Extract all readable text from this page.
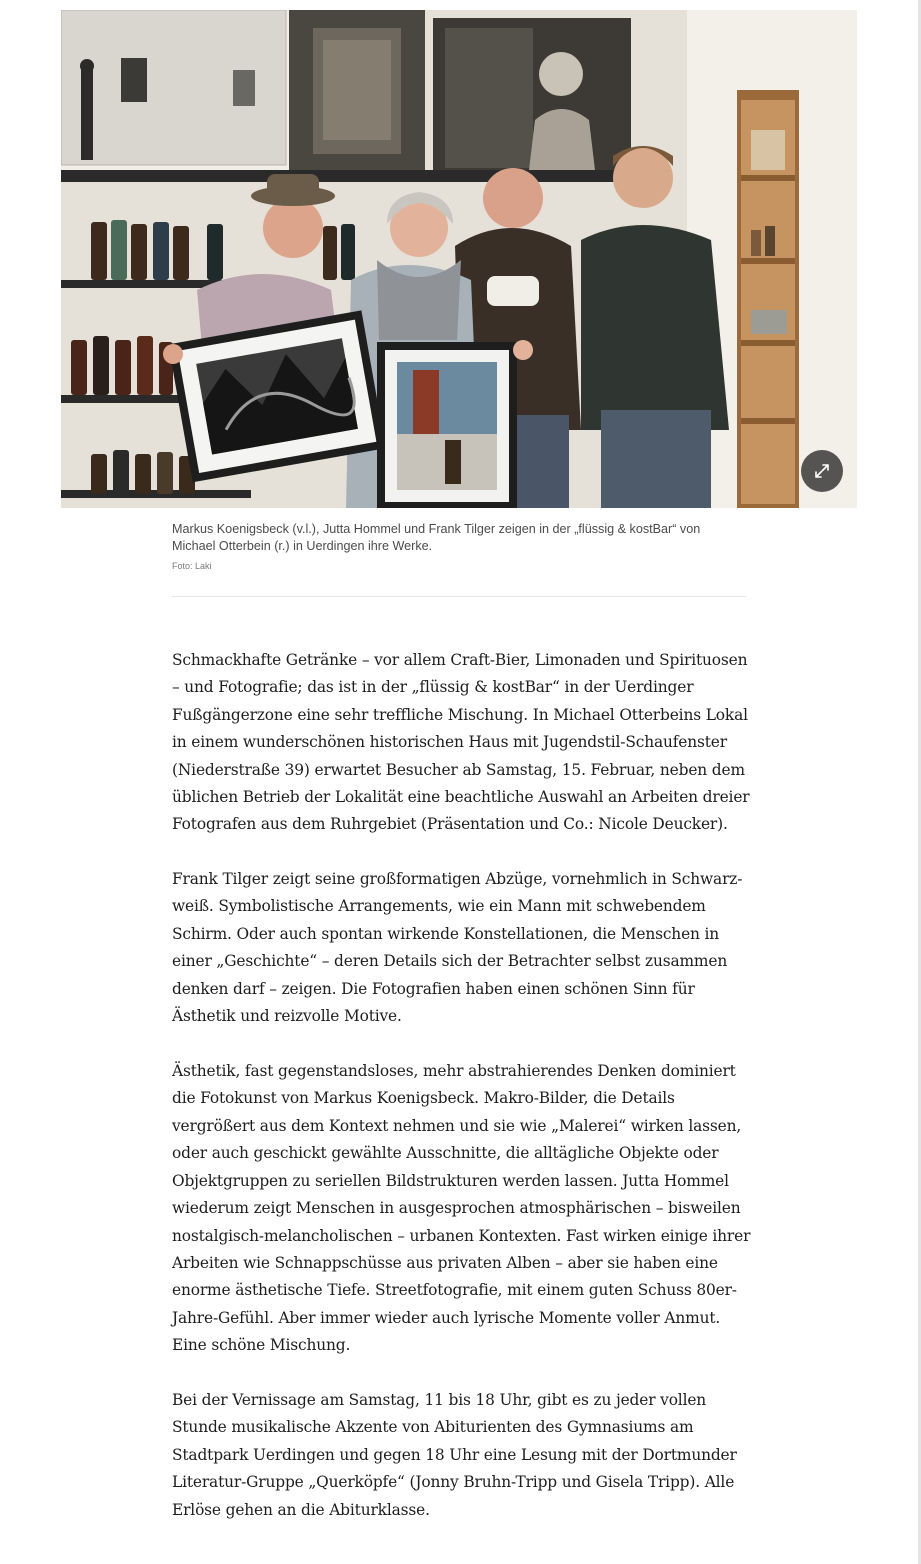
Markus Koenigsbeck (v.l.), Jutta Hommel und Frank Tilger zeigen in der „flüssig & kostBar“ von Michael Otterbein (r.) in Uerdingen ihre Werke.

Foto: Laki

Schmackhafte Getränke – vor allem Craft-Bier, Limonaden und Spirituosen – und Fotografie; das ist in der „flüssig & kostBar“ in der Uerdinger Fußgängerzone eine sehr treffliche Mischung. In Michael Otterbeins Lokal in einem wunderschönen historischen Haus mit Jugendstil-Schaufenster (Niederstraße 39) erwartet Besucher ab Samstag, 15. Februar, neben dem üblichen Betrieb der Lokalität eine beachtliche Auswahl an Arbeiten dreier Fotografen aus dem Ruhrgebiet (Präsentation und Co.: Nicole Deucker).

Frank Tilger zeigt seine großformatigen Abzüge, vornehmlich in Schwarz-weiß. Symbolistische Arrangements, wie ein Mann mit schwebendem Schirm. Oder auch spontan wirkende Konstellationen, die Menschen in einer „Geschichte“ – deren Details sich der Betrachter selbst zusammen denken darf – zeigen. Die Fotografien haben einen schönen Sinn für Ästhetik und reizvolle Motive.

Ästhetik, fast gegenstandsloses, mehr abstrahierendes Denken dominiert die Fotokunst von Markus Koenigsbeck. Makro-Bilder, die Details vergrößert aus dem Kontext nehmen und sie wie „Malerei“ wirken lassen, oder auch geschickt gewählte Ausschnitte, die alltägliche Objekte oder Objektgruppen zu seriellen Bildstrukturen werden lassen. Jutta Hommel wiederum zeigt Menschen in ausgesprochen atmosphärischen – bisweilen nostalgisch-melancholischen – urbanen Kontexten. Fast wirken einige ihrer Arbeiten wie Schnappschüsse aus privaten Alben – aber sie haben eine enorme ästhetische Tiefe. Streetfotografie, mit einem guten Schuss 80er-Jahre-Gefühl. Aber immer wieder auch lyrische Momente voller Anmut. Eine schöne Mischung.

Bei der Vernissage am Samstag, 11 bis 18 Uhr, gibt es zu jeder vollen Stunde musikalische Akzente von Abiturienten des Gymnasiums am Stadtpark Uerdingen und gegen 18 Uhr eine Lesung mit der Dortmunder Literatur-Gruppe „Querköpfe“ (Jonny Bruhn-Tripp und Gisela Tripp). Alle Erlöse gehen an die Abiturklasse.
